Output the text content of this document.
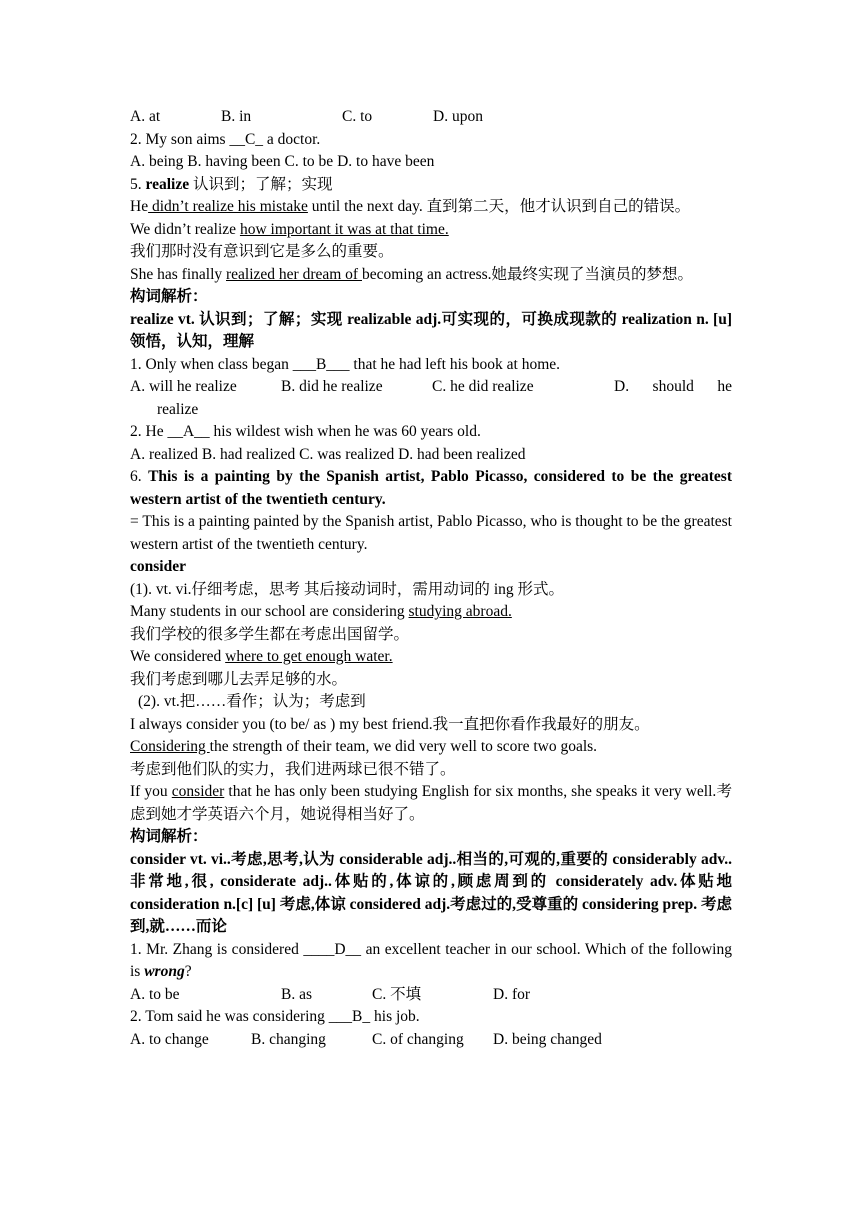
A. at	B. in	C. to	D. upon
2. My son aims __C_ a doctor.
A. being B. having been C. to be D. to have been
5. realize 认识到；了解；实现
He didn’t realize his mistake until the next day. 直到第二天，他才认识到自己的错误。
We didn’t realize how important it was at that time.
我们那时没有意识到它是多么的重要。
She has finally realized her dream of becoming an actress.她最终实现了当演员的梦想。
构词解析：
realize vt. 认识到；了解；实现 realizable adj.可实现的，可换成现款的 realization n. [u] 领悟，认知，理解
1. Only when class began ___B___ that he had left his book at home.
A. will he realize	B. did he realize	C. he did realize	D. should he realize
2. He __A__ his wildest wish when he was 60 years old.
A. realized B. had realized C. was realized D. had been realized
6. This is a painting by the Spanish artist, Pablo Picasso, considered to be the greatest western artist of the twentieth century.
= This is a painting painted by the Spanish artist, Pablo Picasso, who is thought to be the greatest western artist of the twentieth century.
consider
(1). vt. vi.仔细考虑，思考 其后接动词时，需用动词的 ing 形式。
Many students in our school are considering studying abroad.
我们学校的很多学生都在考虑出国留学。
We considered where to get enough water.
我们考虑到哪儿去弄足够的水。
(2). vt.把……看作；认为；考虑到
I always consider you (to be/ as ) my best friend.我一直把你看作我最好的朋友。
Considering the strength of their team, we did very well to score two goals.
考虑到他们队的实力，我们进两球已很不错了。
If you consider that he has only been studying English for six months, she speaks it very well.考虑到她才学英语六个月，她说得相当好了。
构词解析：
consider vt. vi..考虑,思考,认为 considerable adj..相当的,可观的,重要的 considerably adv..非常地,很, considerate adj..体贴的,体谅的,顾虑周到的 considerately adv.体贴地 consideration n.[c] [u] 考虑,体谅 considered adj.考虑过的,受尊重的 considering prep. 考虑到,就……而论
1. Mr. Zhang is considered ____D__ an excellent teacher in our school. Which of the following is wrong?
A. to be	B. as	C. 不填	D. for
2. Tom said he was considering ___B_ his job.
A. to change	B. changing	C. of changing	D. being changed
